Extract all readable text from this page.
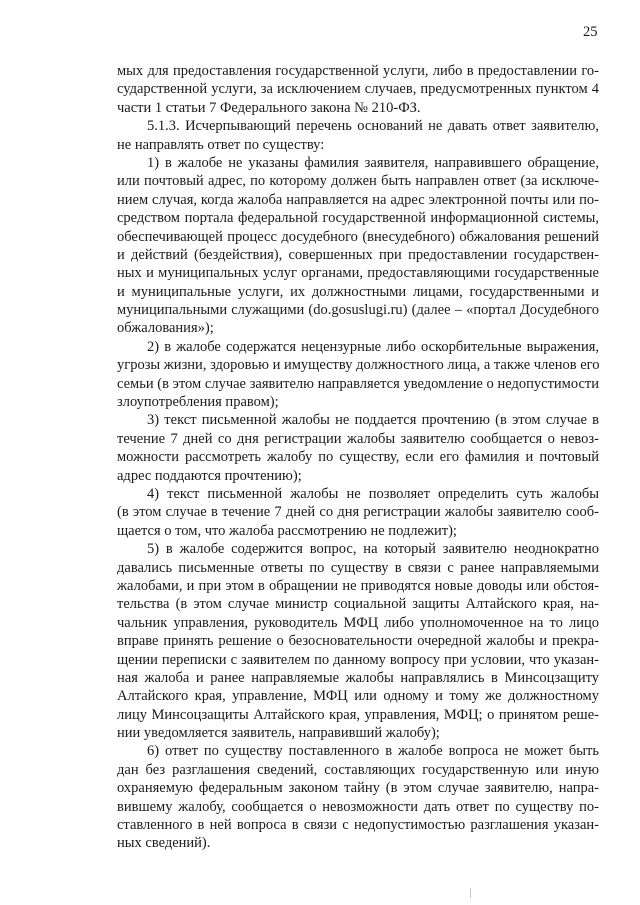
25
мых для предоставления государственной услуги, либо в предоставлении го-
сударственной услуги, за исключением случаев, предусмотренных пунктом 4
части 1 статьи 7 Федерального закона № 210-ФЗ.
5.1.3. Исчерпывающий перечень оснований не давать ответ заявителю,
не направлять ответ по существу:
1) в жалобе не указаны фамилия заявителя, направившего обращение,
или почтовый адрес, по которому должен быть направлен ответ (за исключе-
нием случая, когда жалоба направляется на адрес электронной почты или по-
средством портала федеральной государственной информационной системы,
обеспечивающей процесс досудебного (внесудебного) обжалования решений
и действий (бездействия), совершенных при предоставлении государствен-
ных и муниципальных услуг органами, предоставляющими государственные
и муниципальные услуги, их должностными лицами, государственными и
муниципальными служащими (do.gosuslugi.ru) (далее – «портал Досудебного
обжалования»);
2) в жалобе содержатся нецензурные либо оскорбительные выражения,
угрозы жизни, здоровью и имуществу должностного лица, а также членов его
семьи (в этом случае заявителю направляется уведомление о недопустимости
злоупотребления правом);
3) текст письменной жалобы не поддается прочтению (в этом случае в
течение 7 дней со дня регистрации жалобы заявителю сообщается о невоз-
можности рассмотреть жалобу по существу, если его фамилия и почтовый
адрес поддаются прочтению);
4) текст письменной жалобы не позволяет определить суть жалобы
(в этом случае в течение 7 дней со дня регистрации жалобы заявителю сооб-
щается о том, что жалоба рассмотрению не подлежит);
5) в жалобе содержится вопрос, на который заявителю неоднократно
давались письменные ответы по существу в связи с ранее направляемыми
жалобами, и при этом в обращении не приводятся новые доводы или обстоя-
тельства (в этом случае министр социальной защиты Алтайского края, на-
чальник управления, руководитель МФЦ либо уполномоченное на то лицо
вправе принять решение о безосновательности очередной жалобы и прекра-
щении переписки с заявителем по данному вопросу при условии, что указан-
ная жалоба и ранее направляемые жалобы направлялись в Минсоцзащиту
Алтайского края, управление, МФЦ или одному и тому же должностному
лицу Минсоцзащиты Алтайского края, управления, МФЦ; о принятом реше-
нии уведомляется заявитель, направивший жалобу);
6) ответ по существу поставленного в жалобе вопроса не может быть
дан без разглашения сведений, составляющих государственную или иную
охраняемую федеральным законом тайну (в этом случае заявителю, напра-
вившему жалобу, сообщается о невозможности дать ответ по существу по-
ставленного в ней вопроса в связи с недопустимостью разглашения указан-
ных сведений).
